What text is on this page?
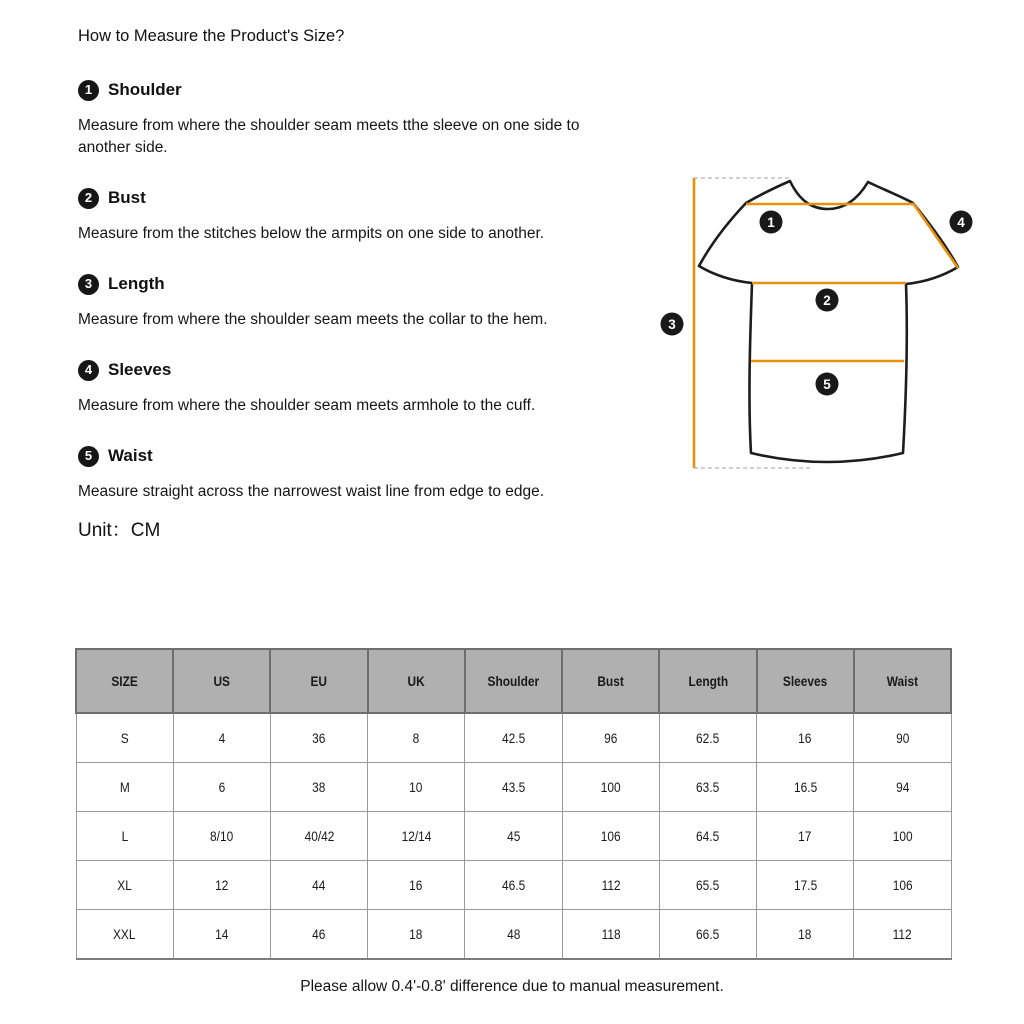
How to Measure the Product's Size?
1 Shoulder

Measure from where the shoulder seam meets tthe sleeve on one side to another side.

2 Bust

Measure from the stitches below the armpits on one side to another.

3 Length

Measure from where the shoulder seam meets the collar to the hem.

4 Sleeves

Measure from where the shoulder seam meets armhole to the cuff.

5 Waist

Measure straight across the narrowest waist line from edge to edge.

Unit：CM
1
2
3
4
5
SIZE	US	EU	UK	Shoulder	Bust	Length	Sleeves	Waist
S	4	36	8	42.5	96	62.5	16	90
M	6	38	10	43.5	100	63.5	16.5	94
L	8/10	40/42	12/14	45	106	64.5	17	100
XL	12	44	16	46.5	112	65.5	17.5	106
XXL	14	46	18	48	118	66.5	18	112
Please allow 0.4'-0.8' difference due to manual measurement.
